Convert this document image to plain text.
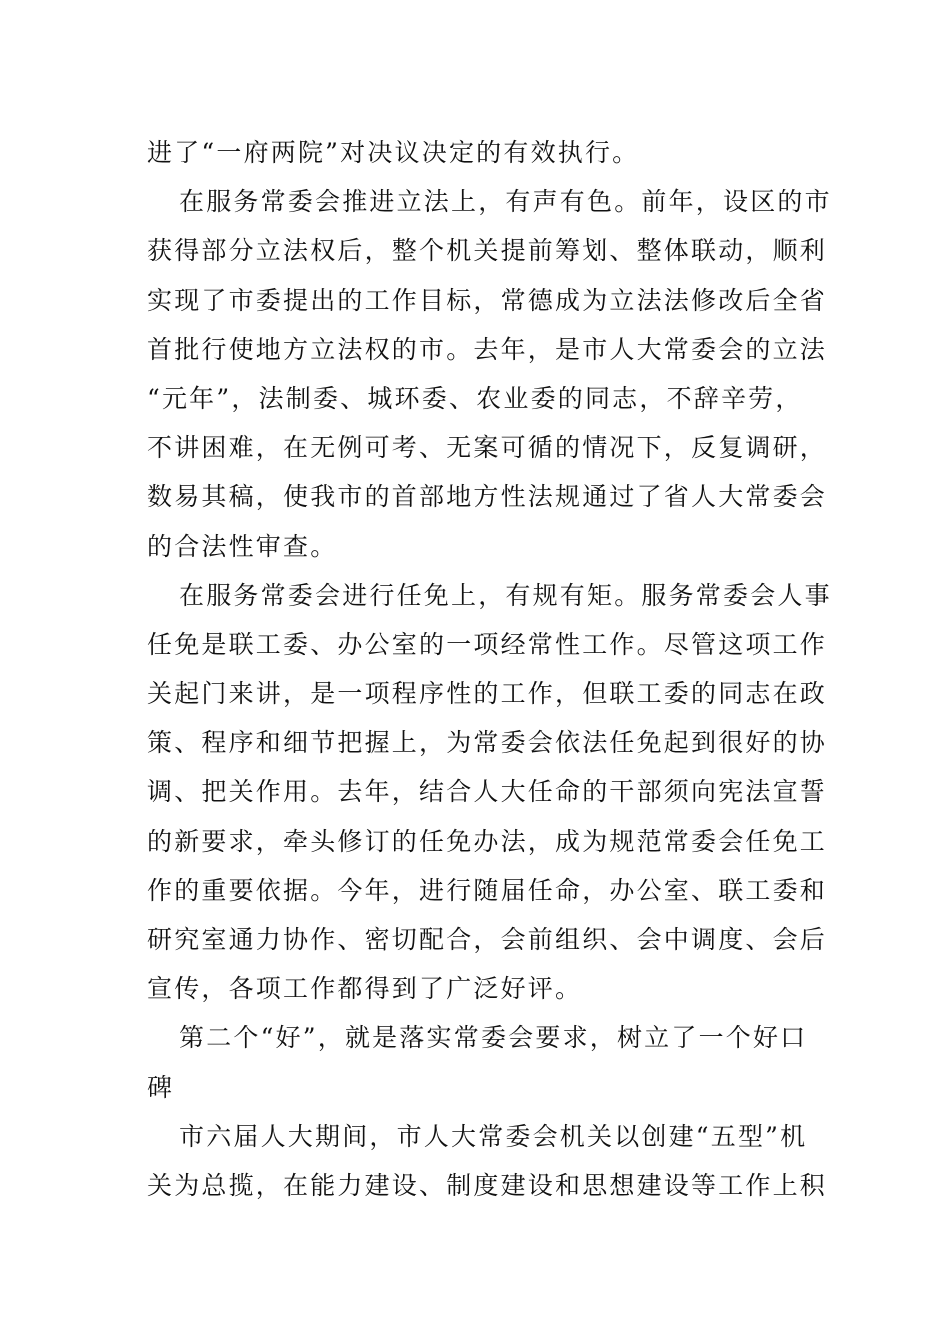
进了“一府两院”对决议决定的有效执行。
在服务常委会推进立法上，有声有色。前年，设区的市
获得部分立法权后，整个机关提前筹划、整体联动，顺利
实现了市委提出的工作目标，常德成为立法法修改后全省
首批行使地方立法权的市。去年，是市人大常委会的立法
“元年”，法制委、城环委、农业委的同志，不辞辛劳，
不讲困难，在无例可考、无案可循的情况下，反复调研，
数易其稿，使我市的首部地方性法规通过了省人大常委会
的合法性审查。
在服务常委会进行任免上，有规有矩。服务常委会人事
任免是联工委、办公室的一项经常性工作。尽管这项工作
关起门来讲，是一项程序性的工作，但联工委的同志在政
策、程序和细节把握上，为常委会依法任免起到很好的协
调、把关作用。去年，结合人大任命的干部须向宪法宣誓
的新要求，牵头修订的任免办法，成为规范常委会任免工
作的重要依据。今年，进行随届任命，办公室、联工委和
研究室通力协作、密切配合，会前组织、会中调度、会后
宣传，各项工作都得到了广泛好评。
第二个“好”，就是落实常委会要求，树立了一个好口
碑
市六届人大期间，市人大常委会机关以创建“五型”机
关为总揽，在能力建设、制度建设和思想建设等工作上积
